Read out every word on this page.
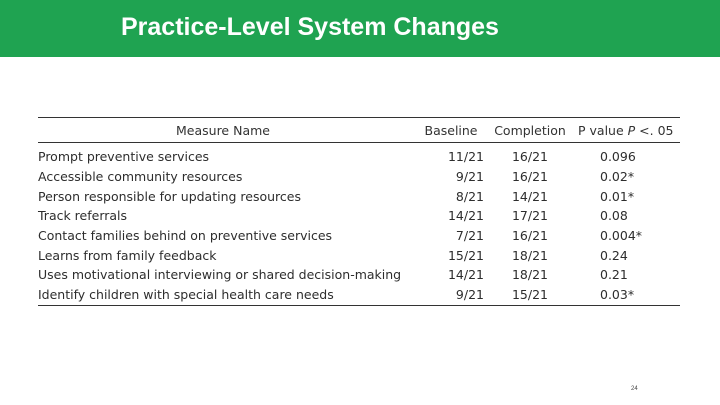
Practice-Level System Changes
Measure Name	Baseline	Completion	P value P <. 05
Prompt preventive services	11/21	16/21	0.096
Accessible community resources	9/21	16/21	0.02*
Person responsible for updating resources	8/21	14/21	0.01*
Track referrals	14/21	17/21	0.08
Contact families behind on preventive services	7/21	16/21	0.004*
Learns from family feedback	15/21	18/21	0.24
Uses motivational interviewing or shared decision-making	14/21	18/21	0.21
Identify children with special health care needs	9/21	15/21	0.03*
24
